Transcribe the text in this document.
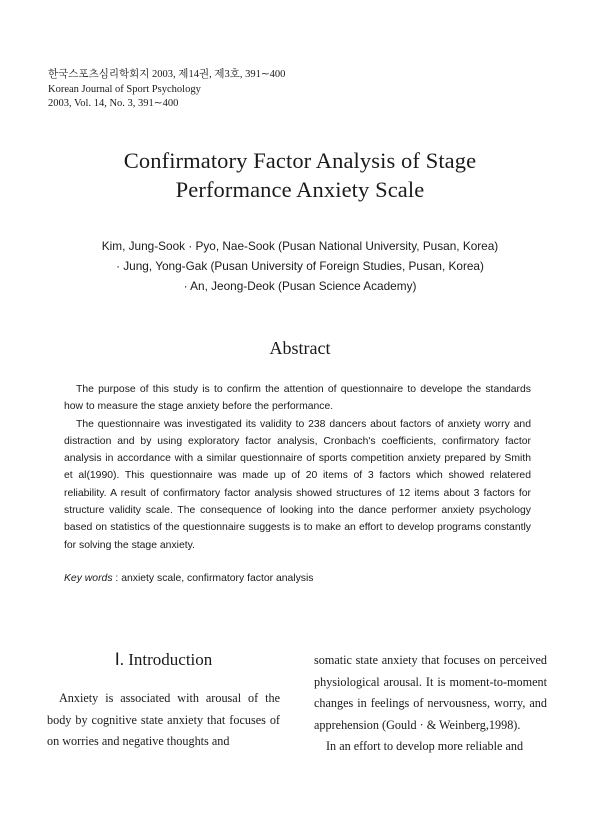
한국스포츠심리학회지 2003, 제14권, 제3호, 391∼400
Korean Journal of Sport Psychology
2003, Vol. 14, No. 3, 391∼400
Confirmatory Factor Analysis of Stage
Performance Anxiety Scale
Kim, Jung-Sook · Pyo, Nae-Sook (Pusan National University, Pusan, Korea)
· Jung, Yong-Gak (Pusan University of Foreign Studies, Pusan, Korea)
· An, Jeong-Deok (Pusan Science Academy)
Abstract

The purpose of this study is to confirm the attention of questionnaire to develope the standards how to measure the stage anxiety before the performance.

The questionnaire was investigated its validity to 238 dancers about factors of anxiety worry and distraction and by using exploratory factor analysis, Cronbach's coefficients, confirmatory factor analysis in accordance with a similar questionnaire of sports competition anxiety prepared by Smith et al(1990). This questionnaire was made up of 20 items of 3 factors which showed relatered reliability. A result of confirmatory factor analysis showed structures of 12 items about 3 factors for structure validity scale. The consequence of looking into the dance performer anxiety psychology based on statistics of the questionnaire suggests is to make an effort to develop programs constantly for solving the stage anxiety.

Key words : anxiety scale, confirmatory factor analysis
Ⅰ. Introduction

Anxiety is associated with arousal of the body by cognitive state anxiety that focuses of on worries and negative thoughts and

somatic state anxiety that focuses on perceived physiological arousal. It is moment-to-moment changes in feelings of nervousness, worry, and apprehension (Gould · & Weinberg,1998).

In an effort to develop more reliable and
